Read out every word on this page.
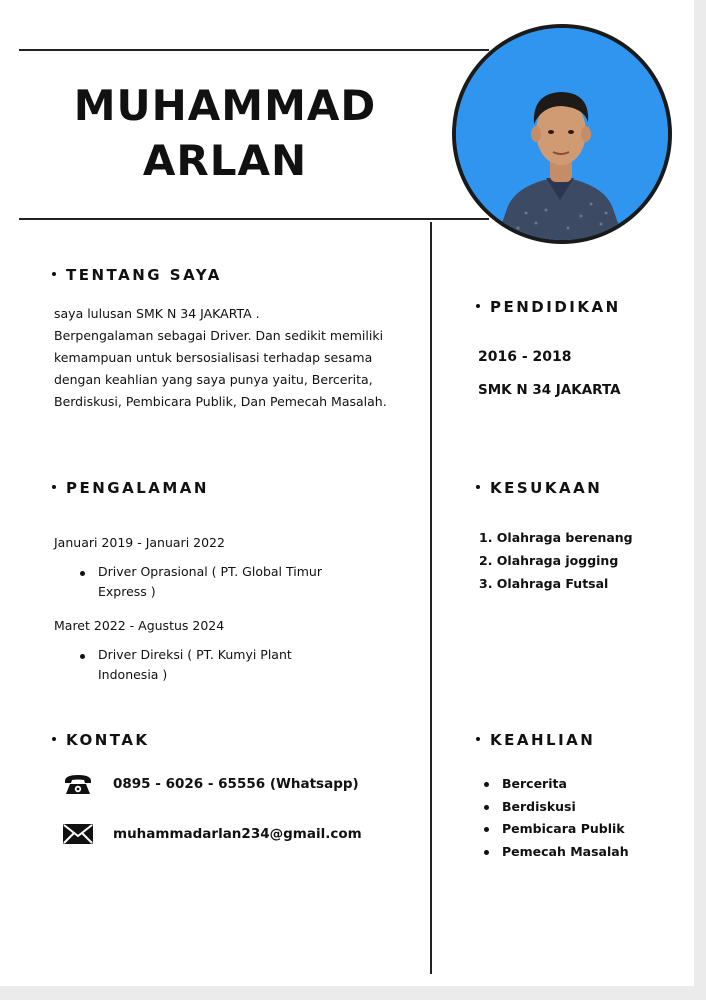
MUHAMMAD
ARLAN
TENTANG SAYA
saya lulusan SMK N 34 JAKARTA .
Berpengalaman sebagai Driver. Dan sedikit memiliki
kemampuan untuk bersosialisasi terhadap sesama
dengan keahlian yang saya punya yaitu, Bercerita,
Berdiskusi, Pembicara Publik, Dan Pemecah Masalah.
PENDIDIKAN
2016 - 2018
SMK N 34 JAKARTA
PENGALAMAN
Januari 2019 - Januari 2022
Driver Oprasional ( PT. Global Timur
Express )
Maret 2022 - Agustus 2024
Driver Direksi ( PT. Kumyi Plant
Indonesia )
KESUKAAN
1. Olahraga berenang
2. Olahraga jogging
3. Olahraga Futsal
KONTAK
0895 - 6026 - 65556 (Whatsapp)
muhammadarlan234@gmail.com
KEAHLIAN
Bercerita
Berdiskusi
Pembicara Publik
Pemecah Masalah
